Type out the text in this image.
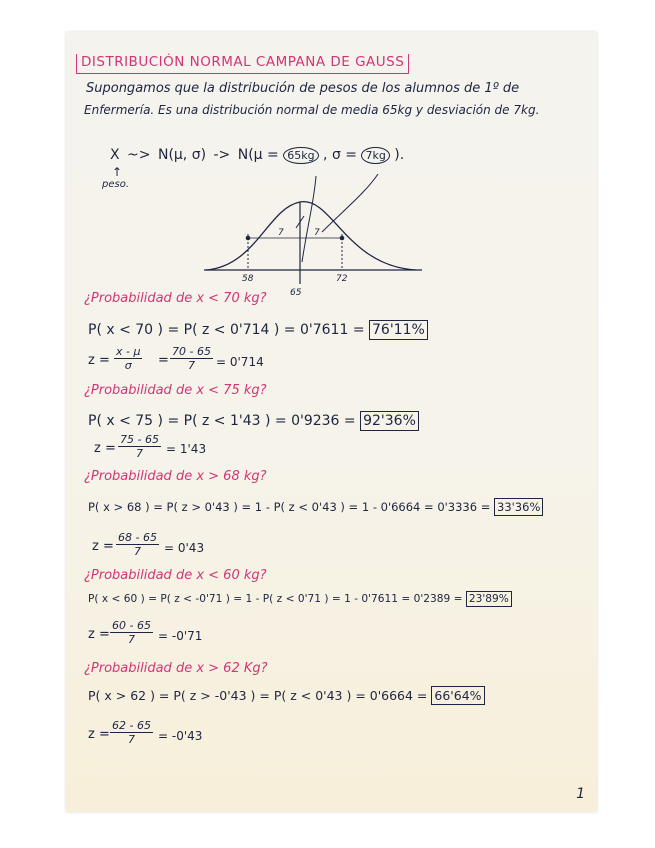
DISTRIBUCIÓN NORMAL CAMPANA DE GAUSS
Supongamos que la distribución de pesos de los alumnos de 1º de
Enfermería. Es una distribución normal de media 65kg y desviación de 7kg.
X ~> N(μ, σ) -> N(μ = 65kg , σ = 7kg ).
↑
peso.
7	7
58
65
72
¿Probabilidad de x < 70 kg?
P( x < 70 ) = P( z < 0'714 ) = 0'7611 = 76'11%
$z = \frac{x - \mu}{\sigma} = \frac{70 - 65}{7} = 0'714$
¿Probabilidad de x < 75 kg?
P( x < 75 ) = P( z < 1'43 ) = 0'9236 = 92'36%
$z = \frac{75 - 65}{7} = 1'43$
¿Probabilidad de x > 68 kg?
P( x > 68 ) = P( z > 0'43 ) = 1 - P( z < 0'43 ) = 1 - 0'6664 = 0'3336 = 33'36%
$z = \frac{68 - 65}{7} = 0'43$
¿Probabilidad de x < 60 kg?
P( x < 60 ) = P( z < -0'71 ) = 1 - P( z < 0'71 ) = 1 - 0'7611 = 0'2389 = 23'89%
$z = \frac{60 - 65}{7} = -0'71$
¿Probabilidad de x > 62 Kg?
P( x > 62 ) = P( z > -0'43 ) = P( z < 0'43 ) = 0'6664 = 66'64%
$z = \frac{62 - 65}{7} = -0'43$
1
